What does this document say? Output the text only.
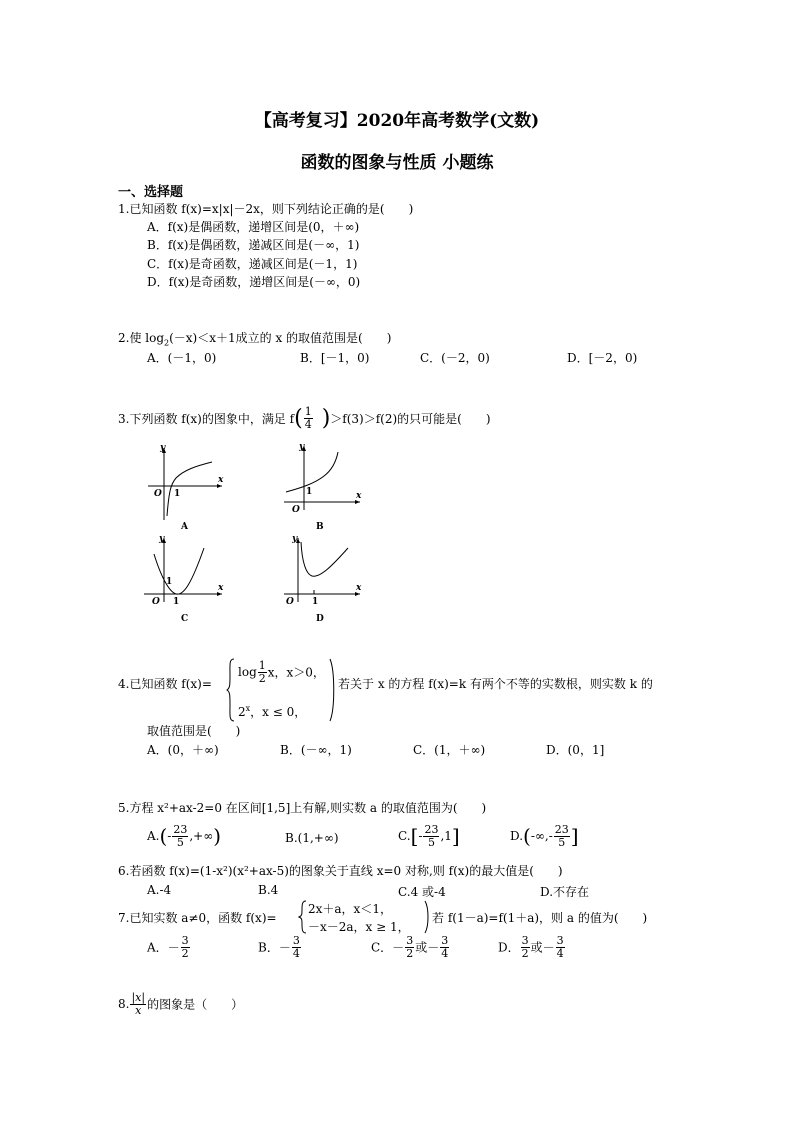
【高考复习】2020年高考数学(文数)
函数的图象与性质 小题练
一、选择题
1.已知函数 f(x)=x|x|－2x，则下列结论正确的是(　　)
A．f(x)是偶函数，递增区间是(0，＋∞)
B．f(x)是偶函数，递减区间是(－∞，1)
C．f(x)是奇函数，递减区间是(－1，1)
D．f(x)是奇函数，递增区间是(－∞，0)
2.使 $\log_2(-x)<x+1$成立的 x 的取值范围是(　　)
A．(－1，0)	B．[－1，0)	C．(－2，0)	D．[－2，0)
3.下列函数 f(x)的图象中，满足 $f( \frac{1}{4} )>f(3)>f(2)$的只可能是(　　)
y
x
O 1
A
y
x
O
1
B
y
x
O
1
1
C
y
x
O 1
D
4.已知函数 f(x)=
$\log \frac{1}{2}$ x，x＞0，
2$^x$，x ≤ 0，
若关于 x 的方程 f(x)=k 有两个不等的实数根，则实数 k 的
取值范围是(　　)
A．(0，＋∞)	B．(－∞，1)	C．(1，＋∞)	D．(0，1]
5.方程 x²+ax-2=0 在区间[1,5]上有解,则实数 a 的取值范围为(　　)
$A.(- \frac{23}{5}$ ,+∞)	B.(1,+∞)	$C.[- \frac{23}{5} ,1]$	$D.(-\infty,- \frac{23}{5}$ ]
6.若函数 f(x)=(1-x²)(x²+ax-5)的图象关于直线 x=0 对称,则 f(x)的最大值是(　　)
A.-4	B.4	C.4 或-4	D.不存在
7.已知实数 a≠0，函数 f(x)=
2x＋a，x＜1，
－x－2a，x ≥ 1，
若 f(1－a)=f(1＋a)，则 a 的值为(　　)
A．－ $\frac{3}{2}$	B．－ $\frac{3}{4}$	C．－ $\frac{3}{2}$ 或－ $\frac{3}{4}$	D． $\frac{3}{2}$ 或－ $\frac{3}{4}$
8. $\frac{|x|}{x}$ 的图象是（　　）
